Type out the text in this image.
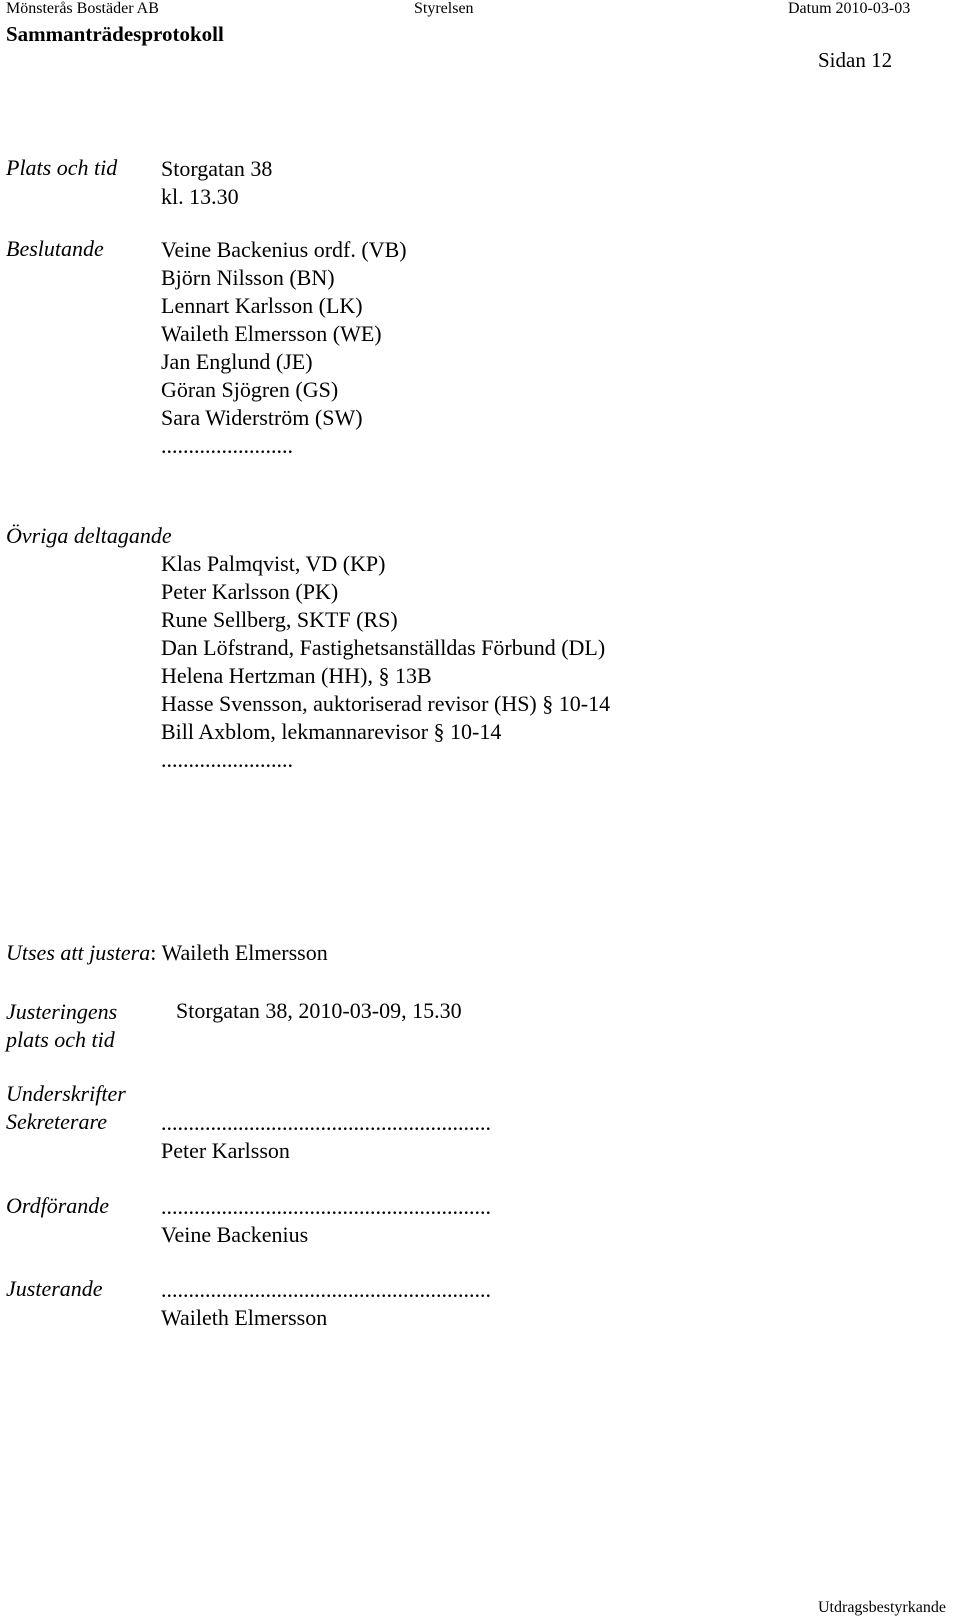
Mönsterås Bostäder AB	Styrelsen	Datum 2010-03-03
Sammanträdesprotokoll
Sidan 12
Plats och tid Storgatan 38
kl. 13.30
Beslutande	Veine Backenius ordf. (VB)
Björn Nilsson (BN)
Lennart Karlsson (LK)
Waileth Elmersson (WE)
Jan Englund (JE)
Göran Sjögren (GS)
Sara Widerström (SW)
........................
Övriga deltagande
Klas Palmqvist, VD (KP)
Peter Karlsson (PK)
Rune Sellberg, SKTF (RS)
Dan Löfstrand, Fastighetsanställdas Förbund (DL)
Helena Hertzman (HH), § 13B
Hasse Svensson, auktoriserad revisor (HS) § 10-14
Bill Axblom, lekmannarevisor § 10-14
........................
Utses att justera: Waileth Elmersson
Justeringens
plats och tid
Storgatan 38, 2010-03-09, 15.30
Underskrifter
Sekreterare ............................................................
Peter Karlsson
Ordförande ............................................................
Veine Backenius
Justerande	............................................................
Waileth Elmersson
Utdragsbestyrkande
